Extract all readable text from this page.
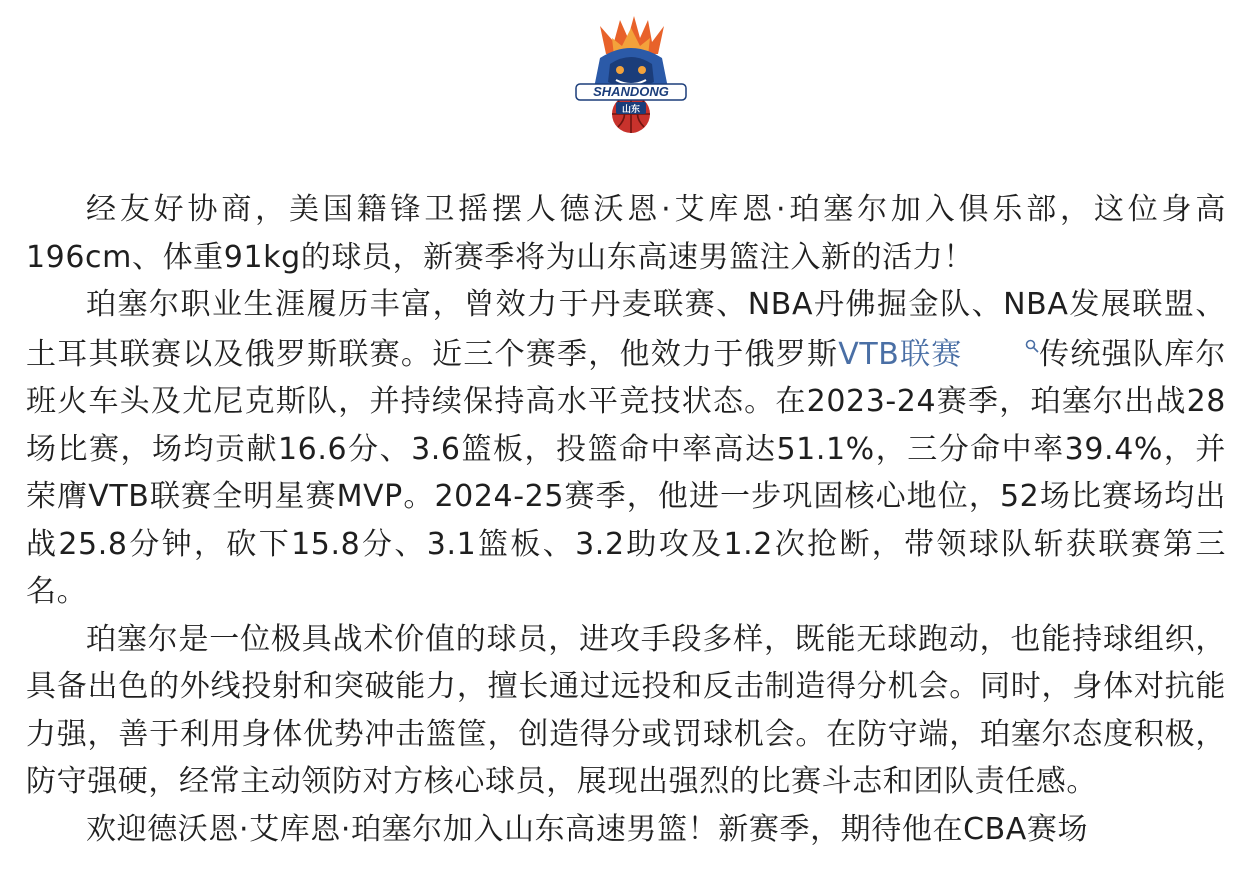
SHANDONG
山东

经友好协商，美国籍锋卫摇摆人德沃恩·艾库恩·珀塞尔加入俱乐部，这位身高196cm、体重91kg的球员，新赛季将为山东高速男篮注入新的活力！

珀塞尔职业生涯履历丰富，曾效力于丹麦联赛、NBA丹佛掘金队、NBA发展联盟、土耳其联赛以及俄罗斯联赛。近三个赛季，他效力于俄罗斯VTB联赛	传统强队库尔班火车头及尤尼克斯队，并持续保持高水平竞技状态。在2023-24赛季，珀塞尔出战28场比赛，场均贡献16.6分、3.6篮板，投篮命中率高达51.1%，三分命中率39.4%，并荣膺VTB联赛全明星赛MVP。2024-25赛季，他进一步巩固核心地位，52场比赛场均出战25.8分钟，砍下15.8分、3.1篮板、3.2助攻及1.2次抢断，带领球队斩获联赛第三名。

珀塞尔是一位极具战术价值的球员，进攻手段多样，既能无球跑动，也能持球组织，具备出色的外线投射和突破能力，擅长通过远投和反击制造得分机会。同时，身体对抗能力强，善于利用身体优势冲击篮筐，创造得分或罚球机会。在防守端，珀塞尔态度积极，防守强硬，经常主动领防对方核心球员，展现出强烈的比赛斗志和团队责任感。

欢迎德沃恩·艾库恩·珀塞尔加入山东高速男篮！新赛季，期待他在CBA赛场
